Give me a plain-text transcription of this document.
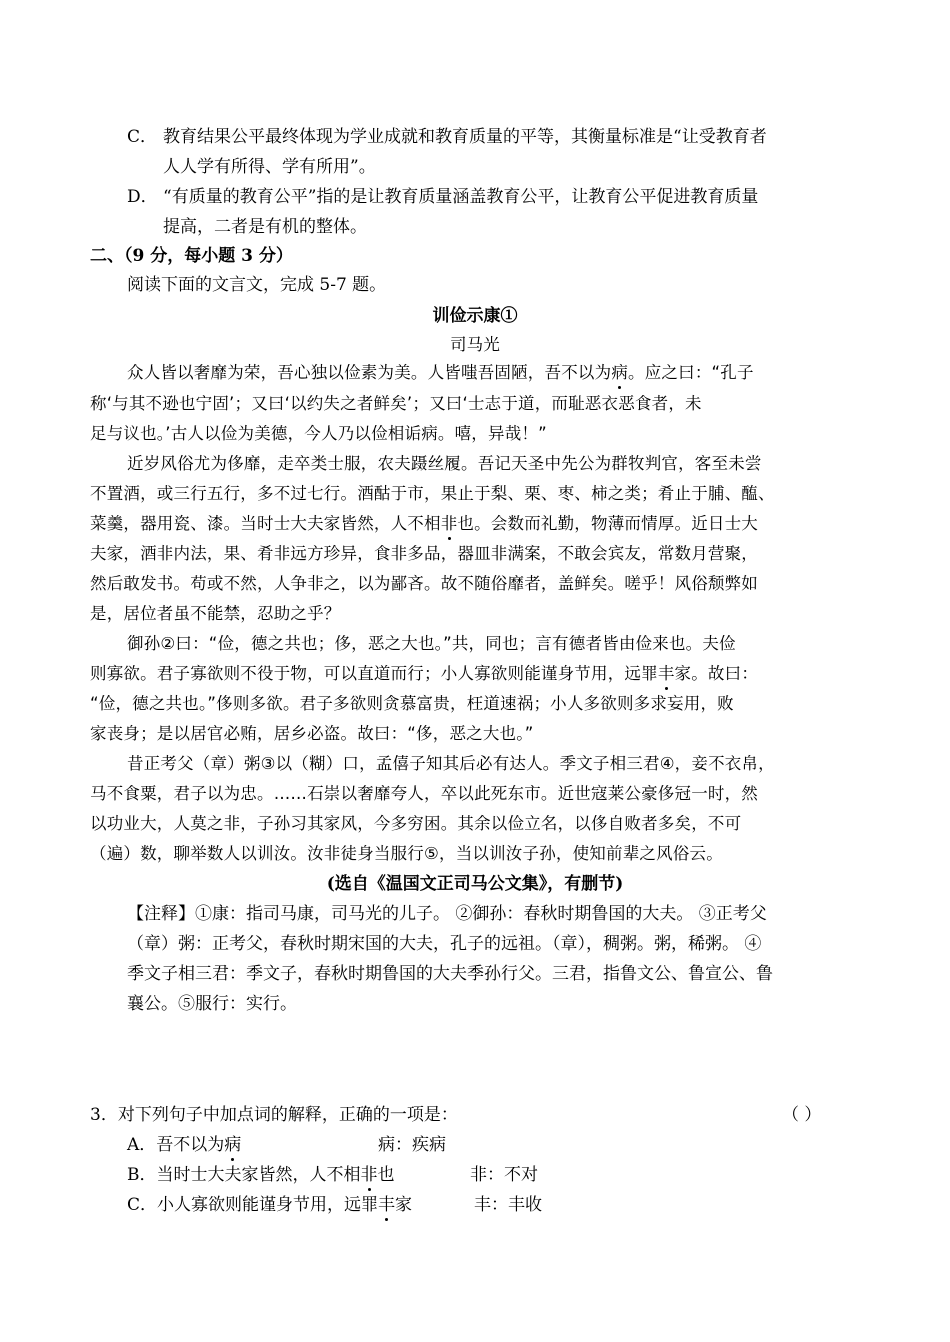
C． 教育结果公平最终体现为学业成就和教育质量的平等，其衡量标准是“让受教育者
人人学有所得、学有所用”。
D． “有质量的教育公平”指的是让教育质量涵盖教育公平，让教育公平促进教育质量
提高，二者是有机的整体。
二、（9 分，每小题 3 分）
阅读下面的文言文，完成 5-7 题。
训俭示康①
司马光
众人皆以奢靡为荣，吾心独以俭素为美。人皆嗤吾固陋，吾不以为病。应之曰：“孔子
称‘与其不逊也宁固’；又曰‘以约失之者鲜矣’；又曰‘士志于道，而耻恶衣恶食者，未
足与议也。’古人以俭为美德，今人乃以俭相诟病。嘻，异哉！”
近岁风俗尤为侈靡，走卒类士服，农夫蹑丝履。吾记天圣中先公为群牧判官，客至未尝
不置酒，或三行五行，多不过七行。酒酤于市，果止于梨、栗、枣、柿之类；肴止于脯、醢、
菜羹，器用瓷、漆。当时士大夫家皆然，人不相非也。会数而礼勤，物薄而情厚。近日士大
夫家，酒非内法，果、肴非远方珍异，食非多品，器皿非满案，不敢会宾友，常数月营聚，
然后敢发书。苟或不然，人争非之，以为鄙吝。故不随俗靡者，盖鲜矣。嗟乎！风俗颓弊如
是，居位者虽不能禁，忍助之乎？
御孙②曰：“俭，德之共也；侈，恶之大也。”共，同也；言有德者皆由俭来也。夫俭
则寡欲。君子寡欲则不役于物，可以直道而行；小人寡欲则能谨身节用，远罪丰家。故曰：
“俭，德之共也。”侈则多欲。君子多欲则贪慕富贵，枉道速祸；小人多欲则多求妄用，败
家丧身；是以居官必贿，居乡必盗。故曰：“侈，恶之大也。”
昔正考父（章）粥③以（糊）口，孟僖子知其后必有达人。季文子相三君④，妾不衣帛，
马不食粟，君子以为忠。……石崇以奢靡夸人，卒以此死东市。近世寇莱公豪侈冠一时，然
以功业大，人莫之非，子孙习其家风，今多穷困。其余以俭立名，以侈自败者多矣，不可
（遍）数，聊举数人以训汝。汝非徒身当服行⑤，当以训汝子孙，使知前辈之风俗云。
(选自《温国文正司马公文集》，有删节)
【注释】①康：指司马康，司马光的儿子。 ②御孙：春秋时期鲁国的大夫。 ③正考父
（章）粥：正考父，春秋时期宋国的大夫，孔子的远祖。（章），稠粥。粥，稀粥。 ④
季文子相三君：季文子，春秋时期鲁国的大夫季孙行父。三君，指鲁文公、鲁宣公、鲁
襄公。⑤服行：实行。
3．对下列句子中加点词的解释，正确的一项是：	（ ）
A．吾不以为病	病：疾病
B．当时士大夫家皆然，人不相非也	非：不对
C．小人寡欲则能谨身节用，远罪丰家	丰：丰收
